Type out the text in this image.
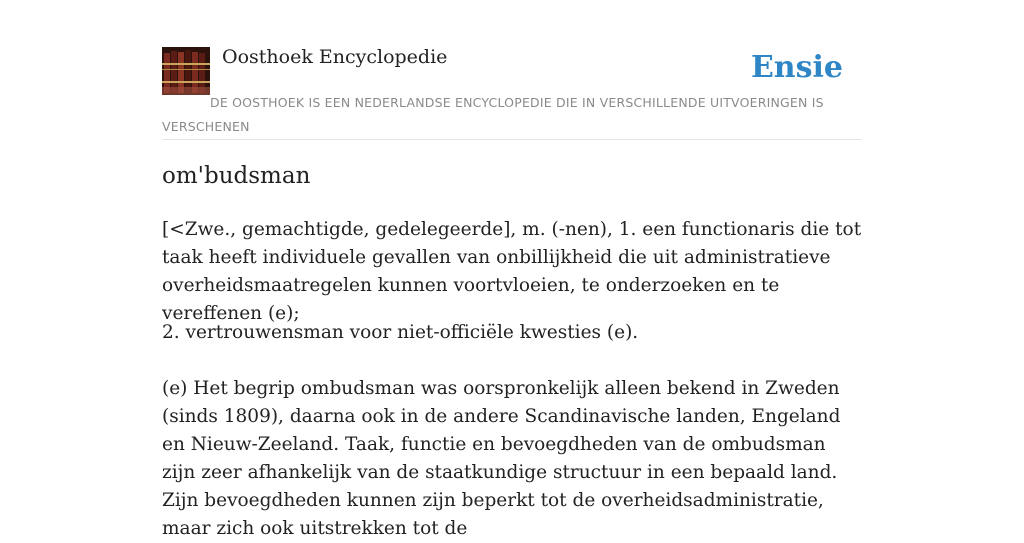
Oosthoek Encyclopedie	Ensie
DE OOSTHOEK IS EEN NEDERLANDSE ENCYCLOPEDIE DIE IN VERSCHILLENDE UITVOERINGEN IS VERSCHENEN
om'budsman

[<Zwe., gemachtigde, gedelegeerde], m. (-nen), 1. een functionaris die tot taak heeft individuele gevallen van onbillijkheid die uit administratieve overheidsmaatregelen kunnen voortvloeien, te onderzoeken en te vereffenen (e);

2. vertrouwensman voor niet-officiële kwesties (e).

(e) Het begrip ombudsman was oorspronkelijk alleen bekend in Zweden (sinds 1809), daarna ook in de andere Scandinavische landen, Engeland en Nieuw-Zeeland. Taak, functie en bevoegdheden van de ombudsman zijn zeer afhankelijk van de staatkundige structuur in een bepaald land. Zijn bevoegdheden kunnen zijn beperkt tot de overheidsadministratie, maar zich ook uitstrekken tot de
